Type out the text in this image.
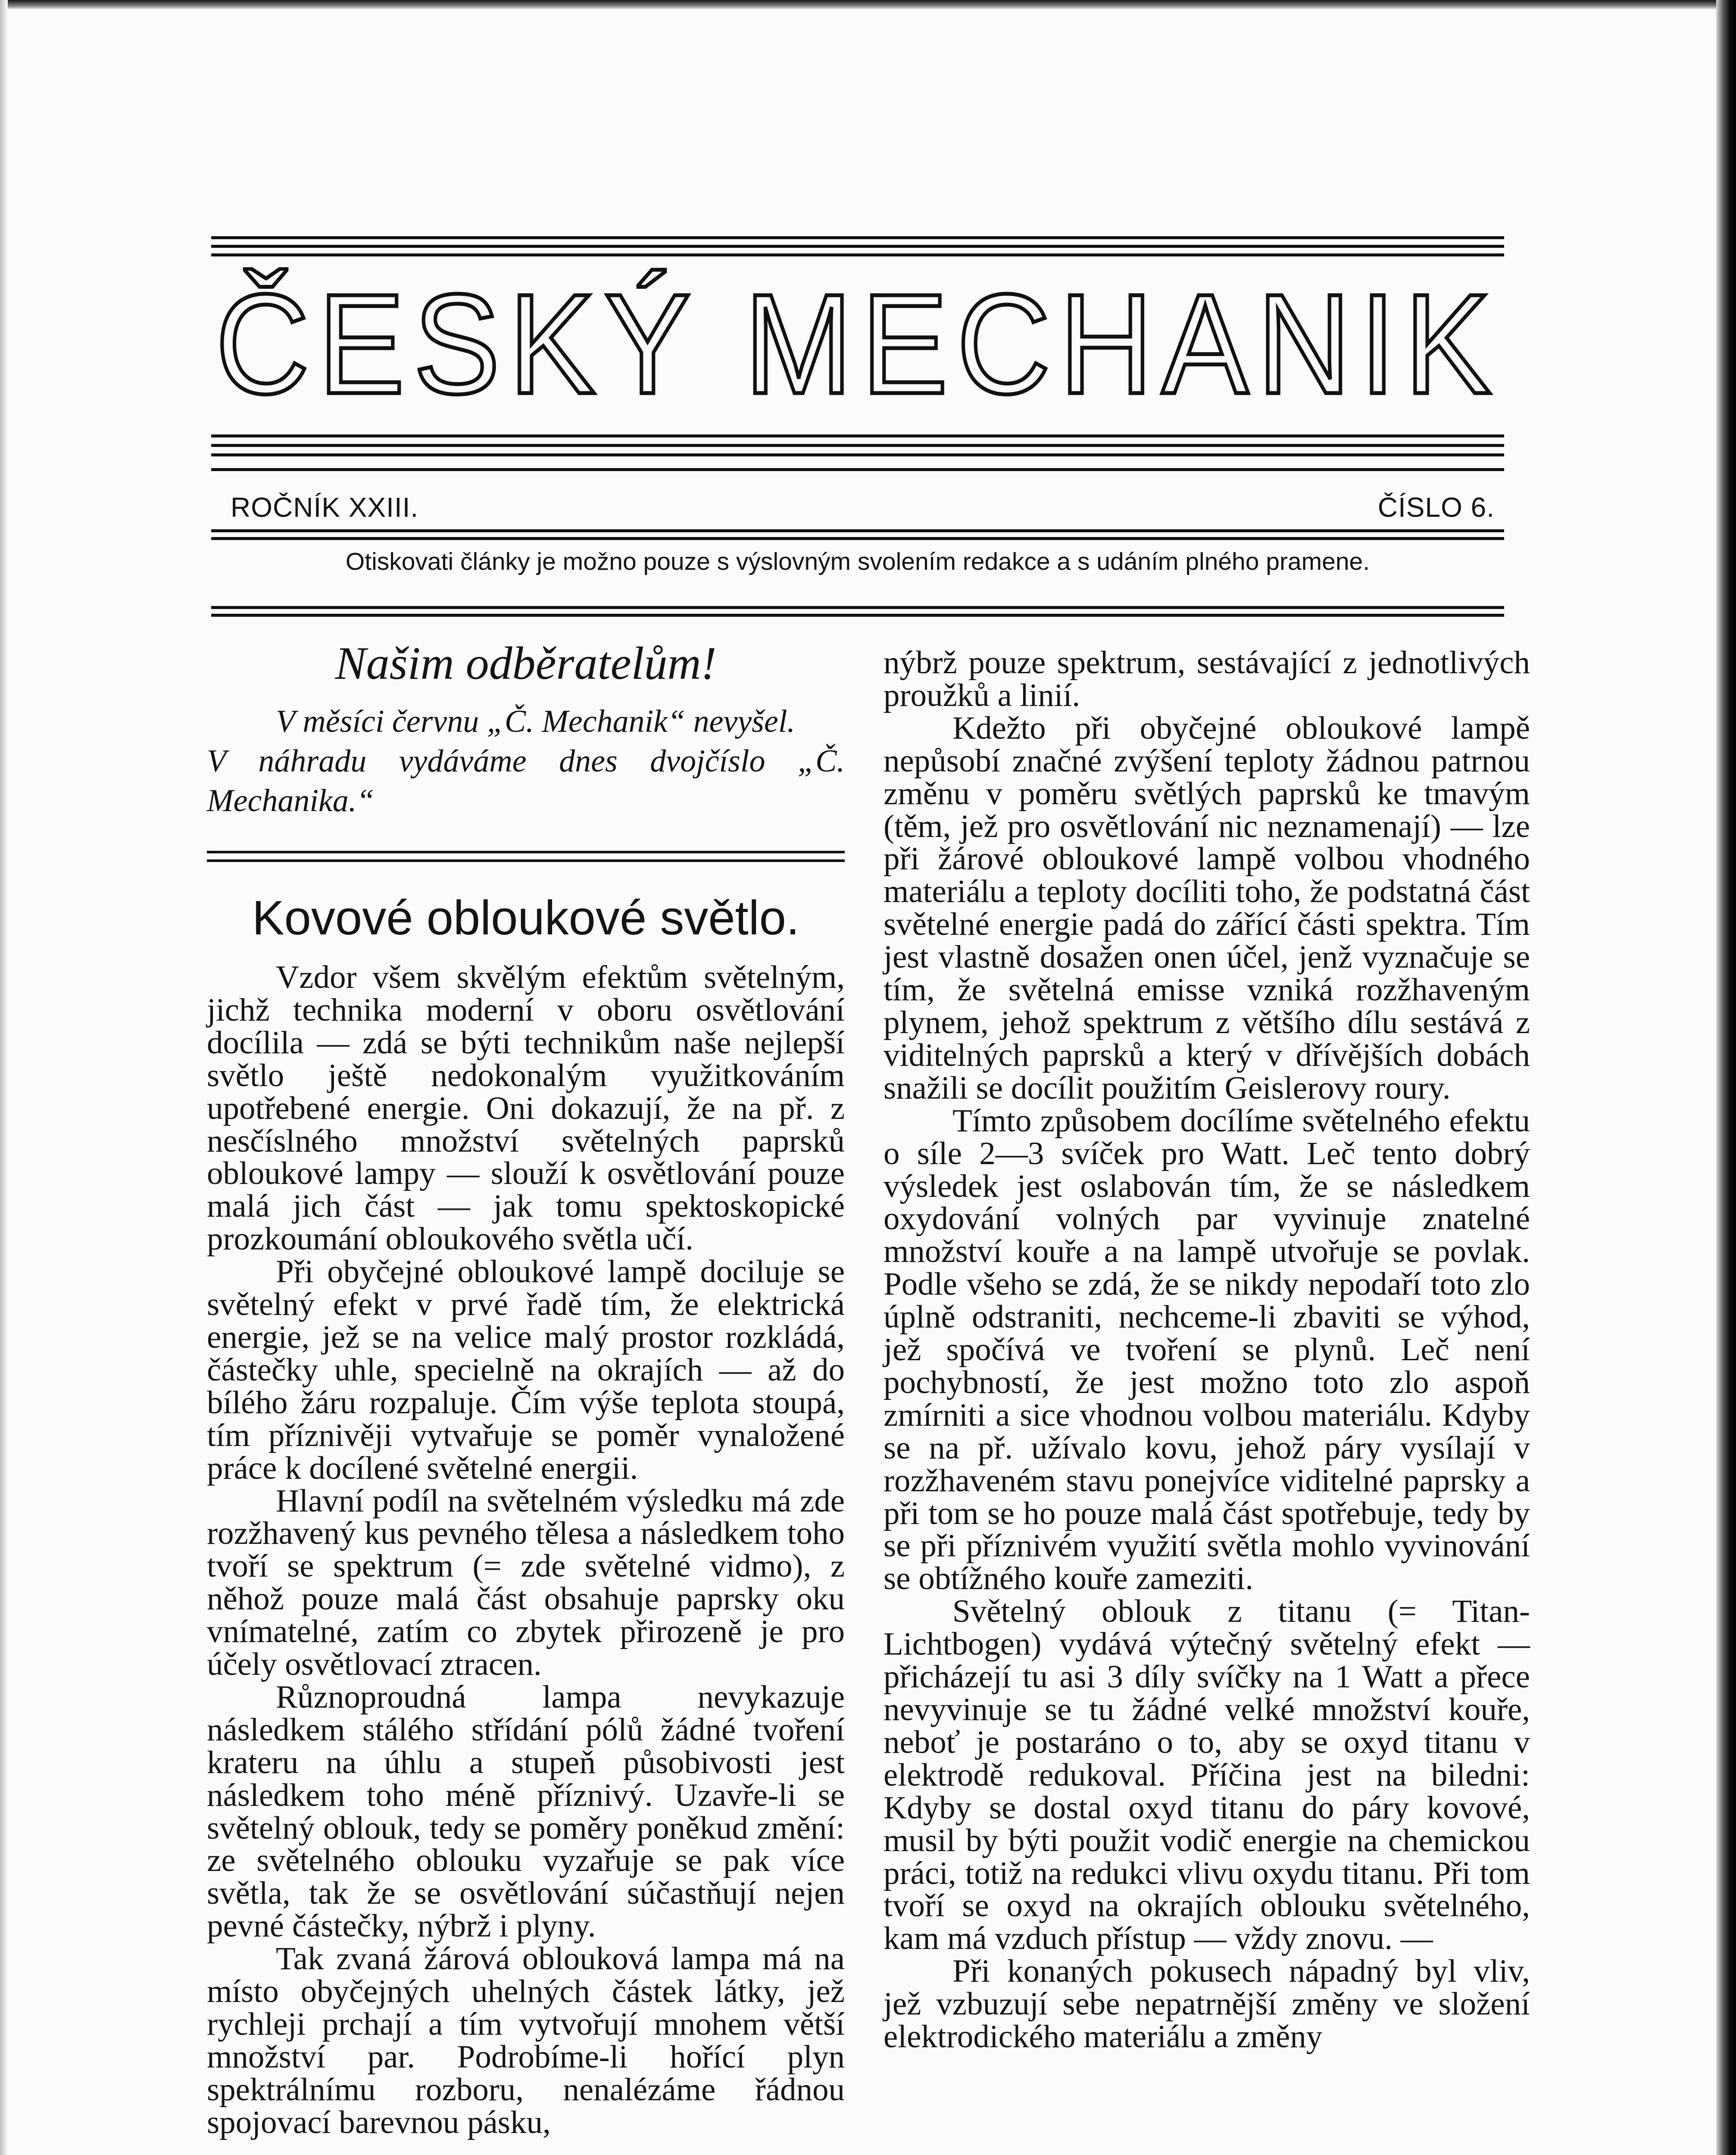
ČESKÝ MECHANIK
ROČNÍK XXIII.	ČÍSLO 6.
Otiskovati články je možno pouze s výslovným svolením redakce a s udáním plného pramene.
Našim odběratelům!
V měsíci červnu „Č. Mechanik“ nevyšel.
V náhradu vydáváme dnes dvojčíslo „Č. Mechanika.“
Kovové obloukové světlo.

Vzdor všem skvělým efektům světelným, jichž technika moderní v oboru osvětlování docílila — zdá se býti technikům naše nejlepší světlo ještě nedokonalým využitkováním upotřebené energie. Oni dokazují, že na př. z nesčíslného množství světelných paprsků obloukové lampy — slouží k osvětlování pouze malá jich část — jak tomu spektoskopické prozkoumání obloukového světla učí.

Při obyčejné obloukové lampě dociluje se světelný efekt v prvé řadě tím, že elektrická energie, jež se na velice malý prostor rozkládá, částečky uhle, specielně na okrajích — až do bílého žáru rozpaluje. Čím výše teplota stoupá, tím příznivěji vytvařuje se poměr vynaložené práce k docílené světelné energii.

Hlavní podíl na světelném výsledku má zde rozžhavený kus pevného tělesa a následkem toho tvoří se spektrum (= zde světelné vidmo), z něhož pouze malá část obsahuje paprsky oku vnímatelné, zatím co zbytek přirozeně je pro účely osvětlovací ztracen.

Různoproudná lampa nevykazuje následkem stálého střídání pólů žádné tvoření krateru na úhlu a stupeň působivosti jest následkem toho méně příznivý. Uzavře-li se světelný oblouk, tedy se poměry poněkud změní: ze světelného oblouku vyzařuje se pak více světla, tak že se osvětlování súčastňují nejen pevné částečky, nýbrž i plyny.

Tak zvaná žárová oblouková lampa má na místo obyčejných uhelných částek látky, jež rychleji prchají a tím vytvořují mnohem větší množství par. Podrobíme-li hořící plyn spektrálnímu rozboru, nenalézáme řádnou spojovací barevnou pásku,

nýbrž pouze spektrum, sestávající z jednotlivých proužků a linií.

Kdežto při obyčejné obloukové lampě nepůsobí značné zvýšení teploty žádnou patrnou změnu v poměru světlých paprsků ke tmavým (těm, jež pro osvětlování nic neznamenají) — lze při žárové obloukové lampě volbou vhodného materiálu a teploty docíliti toho, že podstatná část světelné energie padá do zářící části spektra. Tím jest vlastně dosažen onen účel, jenž vyznačuje se tím, že světelná emisse vzniká rozžhaveným plynem, jehož spektrum z většího dílu sestává z viditelných paprsků a který v dřívějších dobách snažili se docílit použitím Geislerovy roury.

Tímto způsobem docílíme světelného efektu o síle 2—3 svíček pro Watt. Leč tento dobrý výsledek jest oslabován tím, že se následkem oxydování volných par vyvinuje znatelné množství kouře a na lampě utvořuje se povlak. Podle všeho se zdá, že se nikdy nepodaří toto zlo úplně odstraniti, nechceme-li zbaviti se výhod, jež spočívá ve tvoření se plynů. Leč není pochybností, že jest možno toto zlo aspoň zmírniti a sice vhodnou volbou materiálu. Kdyby se na př. užívalo kovu, jehož páry vysílají v rozžhaveném stavu ponejvíce viditelné paprsky a při tom se ho pouze malá část spotřebuje, tedy by se při příznivém využití světla mohlo vyvinování se obtížného kouře zameziti.

Světelný oblouk z titanu (= Titan-Lichtbogen) vydává výtečný světelný efekt — přicházejí tu asi 3 díly svíčky na 1 Watt a přece nevyvinuje se tu žádné velké množství kouře, neboť je postaráno o to, aby se oxyd titanu v elektrodě redukoval. Příčina jest na biledni: Kdyby se dostal oxyd titanu do páry kovové, musil by býti použit vodič energie na chemickou práci, totiž na redukci vlivu oxydu titanu. Při tom tvoří se oxyd na okrajích oblouku světelného, kam má vzduch přístup — vždy znovu. —

Při konaných pokusech nápadný byl vliv, jež vzbuzují sebe nepatrnější změny ve složení elektrodického materiálu a změny
